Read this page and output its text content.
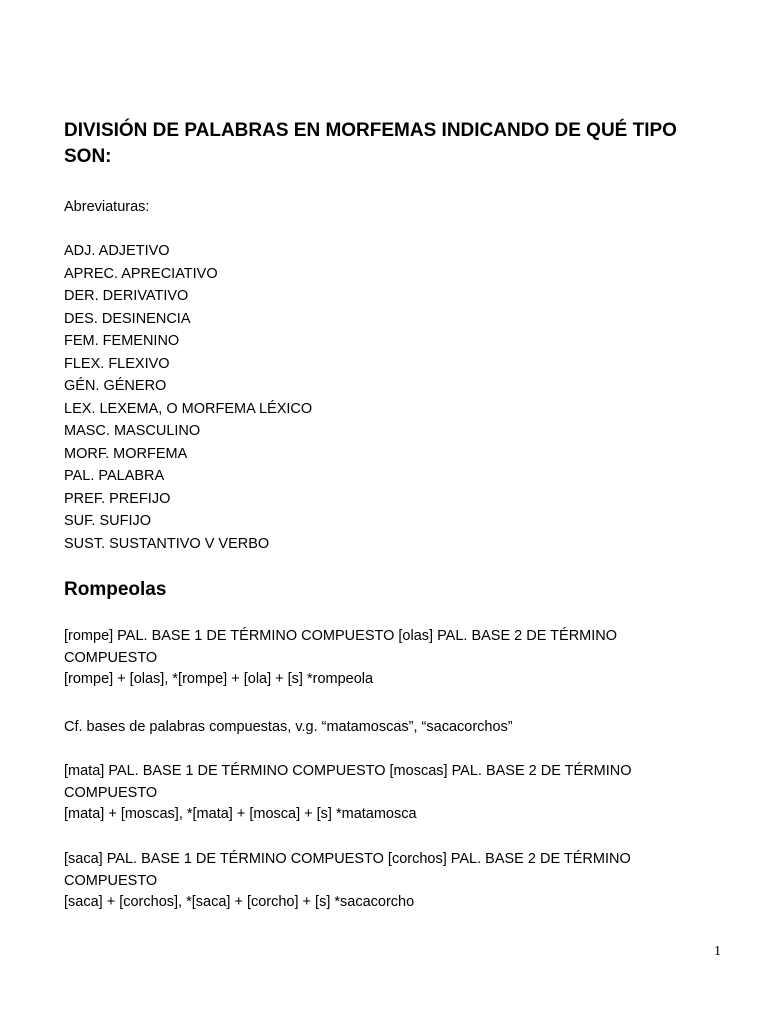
DIVISIÓN DE PALABRAS EN MORFEMAS INDICANDO DE QUÉ TIPO SON:
Abreviaturas:
ADJ. ADJETIVO
APREC. APRECIATIVO
DER. DERIVATIVO
DES. DESINENCIA
FEM. FEMENINO
FLEX. FLEXIVO
GÉN. GÉNERO
LEX. LEXEMA, O MORFEMA LÉXICO
MASC. MASCULINO
MORF. MORFEMA
PAL. PALABRA
PREF. PREFIJO
SUF. SUFIJO
SUST. SUSTANTIVO V VERBO
Rompeolas

[rompe] PAL. BASE 1 DE TÉRMINO COMPUESTO [olas] PAL. BASE 2 DE TÉRMINO COMPUESTO
[rompe] + [olas], *[rompe] + [ola] + [s] *rompeola

Cf. bases de palabras compuestas, v.g. “matamoscas”, “sacacorchos”

[mata] PAL. BASE 1 DE TÉRMINO COMPUESTO [moscas] PAL. BASE 2 DE TÉRMINO COMPUESTO
[mata] + [moscas], *[mata] + [mosca] + [s] *matamosca

[saca] PAL. BASE 1 DE TÉRMINO COMPUESTO [corchos] PAL. BASE 2 DE TÉRMINO COMPUESTO
[saca] + [corchos], *[saca] + [corcho] + [s] *sacacorcho

1
